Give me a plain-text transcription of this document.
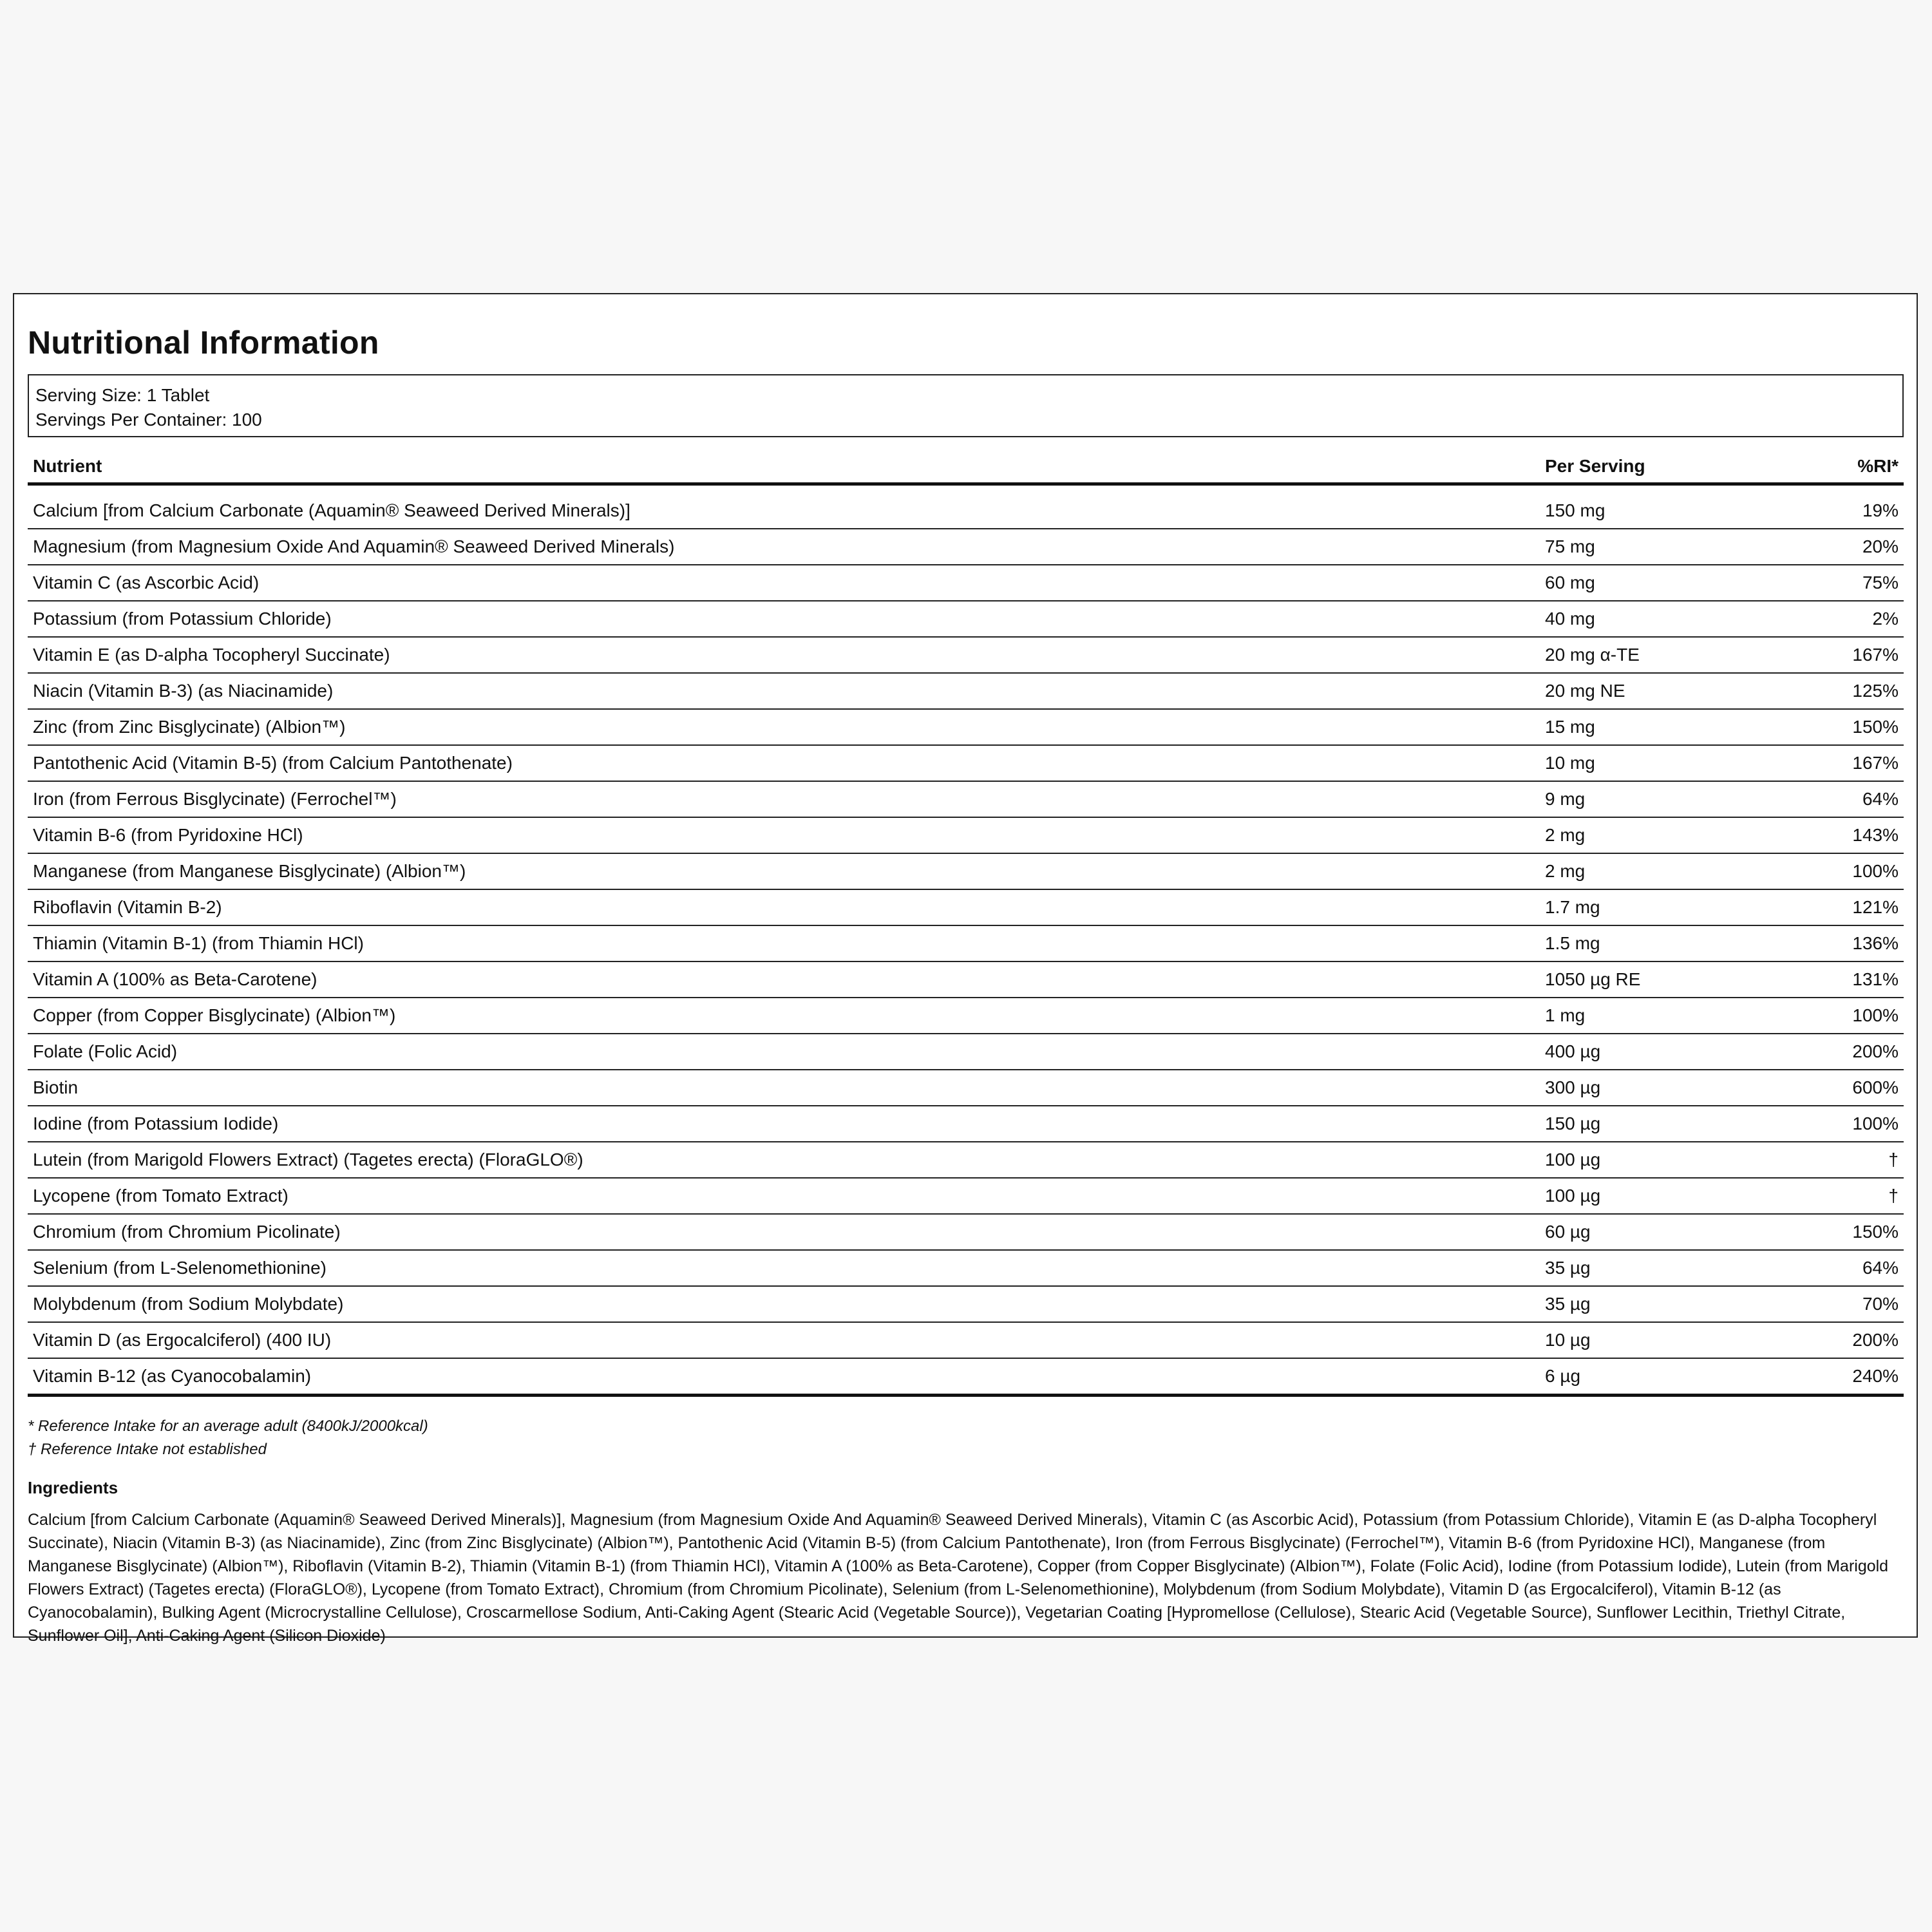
Nutritional Information
Serving Size: 1 Tablet
Servings Per Container: 100
Nutrient	Per Serving	%RI*
Calcium [from Calcium Carbonate (Aquamin® Seaweed Derived Minerals)]	150 mg	19%
Magnesium (from Magnesium Oxide And Aquamin® Seaweed Derived Minerals)	75 mg	20%
Vitamin C (as Ascorbic Acid)	60 mg	75%
Potassium (from Potassium Chloride)	40 mg	2%
Vitamin E (as D-alpha Tocopheryl Succinate)	20 mg α-TE	167%
Niacin (Vitamin B-3) (as Niacinamide)	20 mg NE	125%
Zinc (from Zinc Bisglycinate) (Albion™)	15 mg	150%
Pantothenic Acid (Vitamin B-5) (from Calcium Pantothenate)	10 mg	167%
Iron (from Ferrous Bisglycinate) (Ferrochel™)	9 mg	64%
Vitamin B-6 (from Pyridoxine HCl)	2 mg	143%
Manganese (from Manganese Bisglycinate) (Albion™)	2 mg	100%
Riboflavin (Vitamin B-2)	1.7 mg	121%
Thiamin (Vitamin B-1) (from Thiamin HCl)	1.5 mg	136%
Vitamin A (100% as Beta-Carotene)	1050 µg RE	131%
Copper (from Copper Bisglycinate) (Albion™)	1 mg	100%
Folate (Folic Acid)	400 µg	200%
Biotin	300 µg	600%
Iodine (from Potassium Iodide)	150 µg	100%
Lutein (from Marigold Flowers Extract) (Tagetes erecta) (FloraGLO®)	100 µg	†
Lycopene (from Tomato Extract)	100 µg	†
Chromium (from Chromium Picolinate)	60 µg	150%
Selenium (from L-Selenomethionine)	35 µg	64%
Molybdenum (from Sodium Molybdate)	35 µg	70%
Vitamin D (as Ergocalciferol) (400 IU)	10 µg	200%
Vitamin B-12 (as Cyanocobalamin)	6 µg	240%
* Reference Intake for an average adult (8400kJ/2000kcal)
† Reference Intake not established
Ingredients
Calcium [from Calcium Carbonate (Aquamin® Seaweed Derived Minerals)], Magnesium (from Magnesium Oxide And Aquamin® Seaweed Derived Minerals), Vitamin C (as Ascorbic Acid), Potassium (from Potassium Chloride), Vitamin E (as D-alpha Tocopheryl Succinate), Niacin (Vitamin B-3) (as Niacinamide), Zinc (from Zinc Bisglycinate) (Albion™), Pantothenic Acid (Vitamin B-5) (from Calcium Pantothenate), Iron (from Ferrous Bisglycinate) (Ferrochel™), Vitamin B-6 (from Pyridoxine HCl), Manganese (from Manganese Bisglycinate) (Albion™), Riboflavin (Vitamin B-2), Thiamin (Vitamin B-1) (from Thiamin HCl), Vitamin A (100% as Beta-Carotene), Copper (from Copper Bisglycinate) (Albion™), Folate (Folic Acid), Iodine (from Potassium Iodide), Lutein (from Marigold Flowers Extract) (Tagetes erecta) (FloraGLO®), Lycopene (from Tomato Extract), Chromium (from Chromium Picolinate), Selenium (from L-Selenomethionine), Molybdenum (from Sodium Molybdate), Vitamin D (as Ergocalciferol), Vitamin B-12 (as Cyanocobalamin), Bulking Agent (Microcrystalline Cellulose), Croscarmellose Sodium, Anti-Caking Agent (Stearic Acid (Vegetable Source)), Vegetarian Coating [Hypromellose (Cellulose), Stearic Acid (Vegetable Source), Sunflower Lecithin, Triethyl Citrate, Sunflower Oil], Anti-Caking Agent (Silicon Dioxide)
